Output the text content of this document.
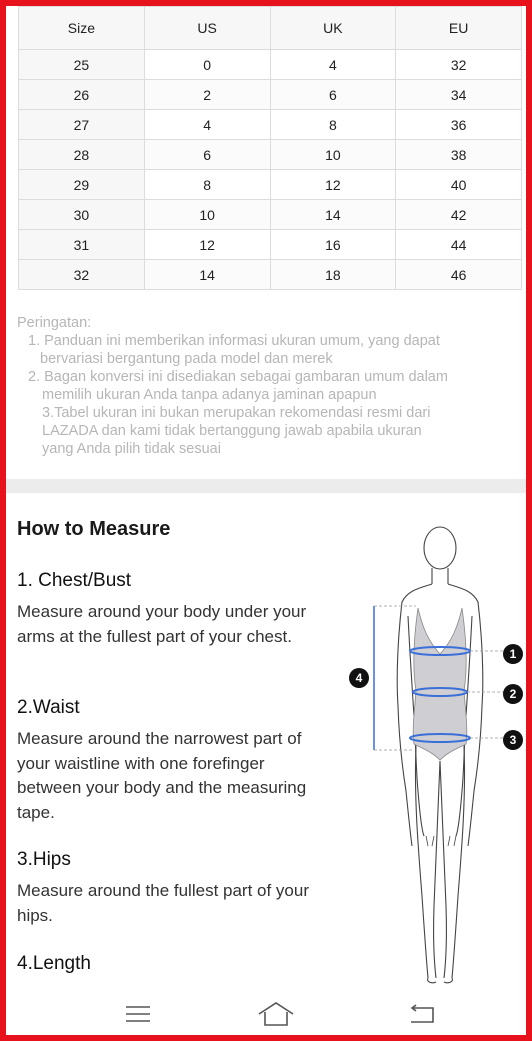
Size	US	UK	EU
25	0	4	32
26	2	6	34
27	4	8	36
28	6	10	38
29	8	12	40
30	10	14	42
31	12	16	44
32	14	18	46

Peringatan:

1. Panduan ini memberikan informasi ukuran umum, yang dapat

bervariasi bergantung pada model dan merek

2. Bagan konversi ini disediakan sebagai gambaran umum dalam

memilih ukuran Anda tanpa adanya jaminan apapun

3.Tabel ukuran ini bukan merupakan rekomendasi resmi dari

LAZADA dan kami tidak bertanggung jawab apabila ukuran

yang Anda pilih tidak sesuai

How to Measure
1. Chest/Bust

Measure around your body under your arms at the fullest part of your chest.

2.Waist

Measure around the narrowest part of your waistline with one forefinger between your body and the measuring tape.

3.Hips

Measure around the fullest part of your hips.

4.Length
1
2
3
4
